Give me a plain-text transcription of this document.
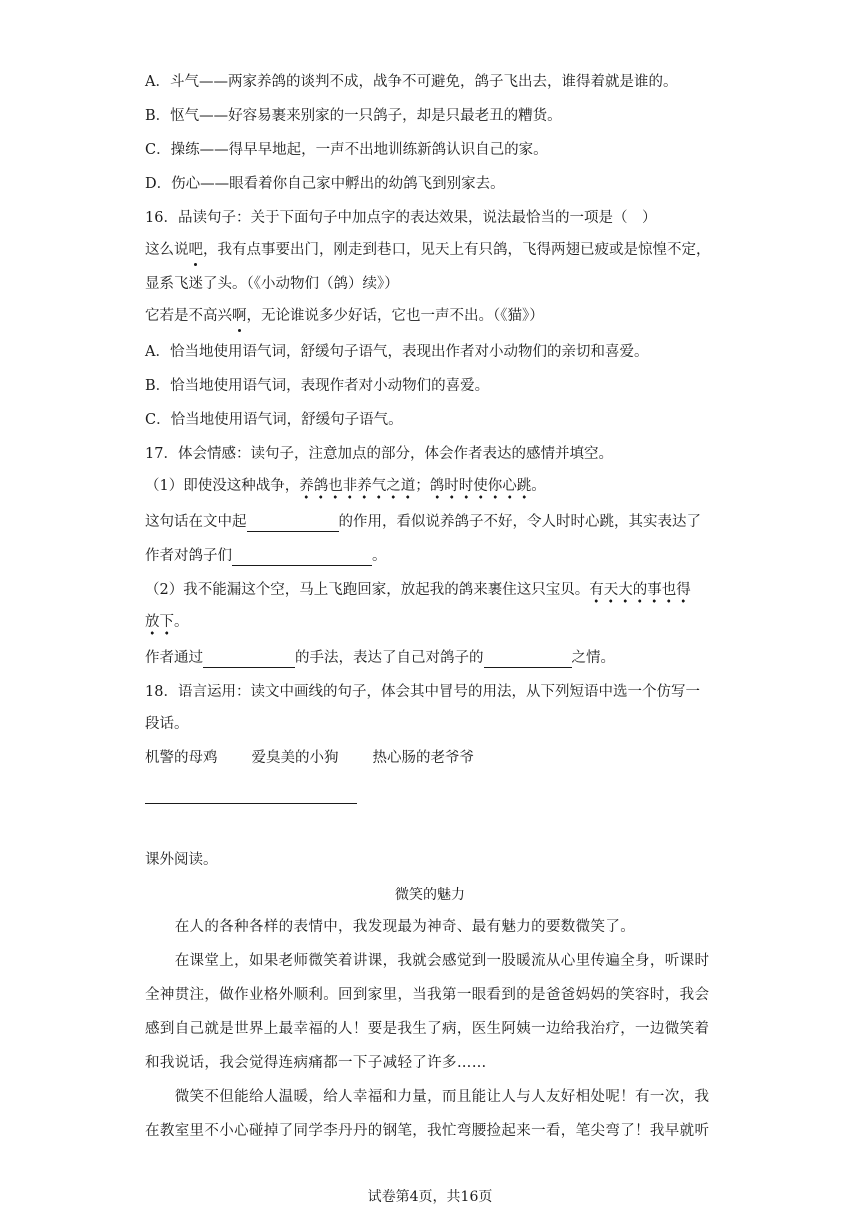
A．斗气——两家养鸽的谈判不成，战争不可避免，鸽子飞出去，谁得着就是谁的。
B．怄气——好容易裹来别家的一只鸽子，却是只最老丑的糟货。
C．操练——得早早地起，一声不出地训练新鸽认识自己的家。
D．伤心——眼看着你自己家中孵出的幼鸽飞到别家去。
16．品读句子：关于下面句子中加点字的表达效果，说法最恰当的一项是（　）
这么说吧，我有点事要出门，刚走到巷口，见天上有只鸽，飞得两翅已疲或是惊惶不定，
显系飞迷了头。（《小动物们（鸽）续》）
它若是不高兴啊，无论谁说多少好话，它也一声不出。（《猫》）
A．恰当地使用语气词，舒缓句子语气，表现出作者对小动物们的亲切和喜爱。
B．恰当地使用语气词，表现作者对小动物们的喜爱。
C．恰当地使用语气词，舒缓句子语气。
17．体会情感：读句子，注意加点的部分，体会作者表达的感情并填空。
（1）即使没这种战争，养鸽也非养气之道；鸽时时使你心跳。
这句话在文中起	的作用，看似说养鸽子不好，令人时时心跳，其实表达了
作者对鸽子们	。
（2）我不能漏这个空，马上飞跑回家，放起我的鸽来裹住这只宝贝。有天大的事也得
放下。
作者通过	的手法，表达了自己对鸽子的	之情。
18．语言运用：读文中画线的句子，体会其中冒号的用法，从下列短语中选一个仿写一
段话。
机警的母鸡 爱臭美的小狗 热心肠的老爷爷
课外阅读。
微笑的魅力
　　在人的各种各样的表情中，我发现最为神奇、最有魅力的要数微笑了。
　　在课堂上，如果老师微笑着讲课，我就会感觉到一股暖流从心里传遍全身，听课时
全神贯注，做作业格外顺利。回到家里，当我第一眼看到的是爸爸妈妈的笑容时，我会
感到自己就是世界上最幸福的人！要是我生了病，医生阿姨一边给我治疗，一边微笑着
和我说话，我会觉得连病痛都一下子减轻了许多……
　　微笑不但能给人温暖，给人幸福和力量，而且能让人与人友好相处呢！有一次，我
在教室里不小心碰掉了同学李丹丹的钢笔，我忙弯腰捡起来一看，笔尖弯了！我早就听
试卷第4页，共16页
